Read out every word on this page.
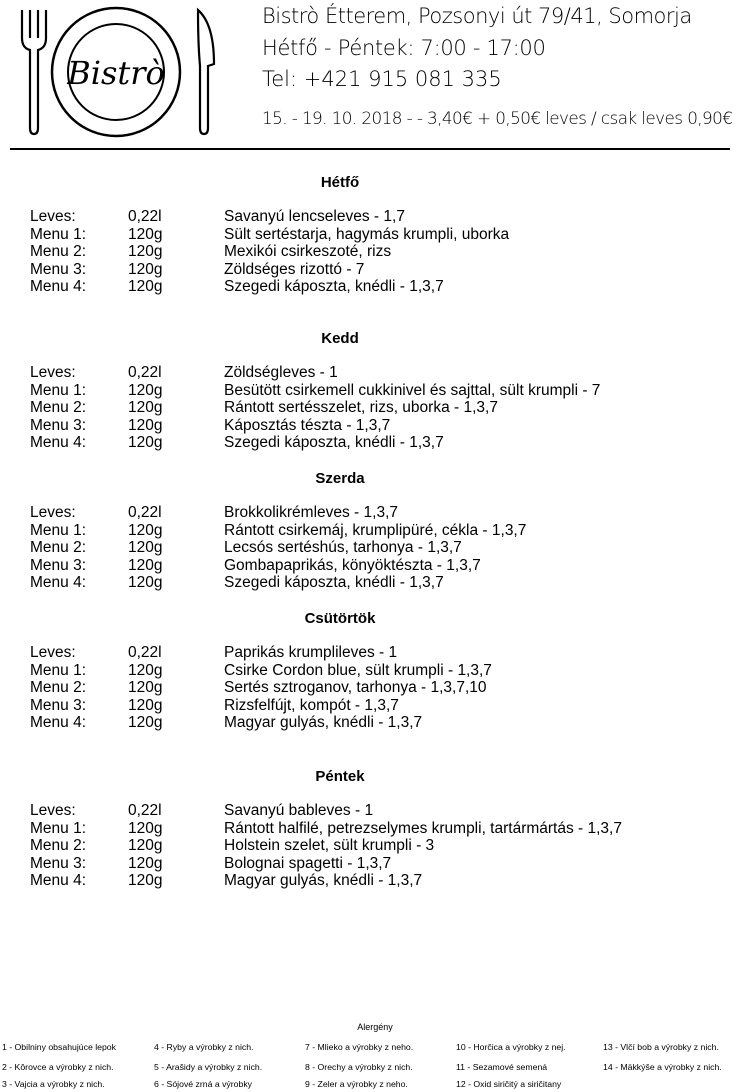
Bistrò
Bistrò Étterem, Pozsonyi út 79/41, Somorja
Hétfő - Péntek: 7:00 - 17:00
Tel: +421 915 081 335
15. - 19. 10. 2018 - - 3,40€ + 0,50€ leves / csak leves 0,90€
Hétfő
Leves:	0,22l	Savanyú lencseleves - 1,7
Menu 1:	120g	Sült sertéstarja, hagymás krumpli, uborka
Menu 2:	120g	Mexikói csirkeszoté, rizs
Menu 3:	120g	Zöldséges rizottó - 7
Menu 4:	120g	Szegedi káposzta, knédli - 1,3,7
Kedd
Leves:	0,22l	Zöldségleves - 1
Menu 1:	120g	Besütött csirkemell cukkinivel és sajttal, sült krumpli - 7
Menu 2:	120g	Rántott sertésszelet, rizs, uborka - 1,3,7
Menu 3:	120g	Káposztás tészta - 1,3,7
Menu 4:	120g	Szegedi káposzta, knédli - 1,3,7
Szerda
Leves:	0,22l	Brokkolikrémleves - 1,3,7
Menu 1:	120g	Rántott csirkemáj, krumplipüré, cékla - 1,3,7
Menu 2:	120g	Lecsós sertéshús, tarhonya - 1,3,7
Menu 3:	120g	Gombapaprikás, könyöktészta - 1,3,7
Menu 4:	120g	Szegedi káposzta, knédli - 1,3,7
Csütörtök
Leves:	0,22l	Paprikás krumplileves - 1
Menu 1:	120g	Csirke Cordon blue, sült krumpli - 1,3,7
Menu 2:	120g	Sertés sztroganov, tarhonya - 1,3,7,10
Menu 3:	120g	Rizsfelfújt, kompót - 1,3,7
Menu 4:	120g	Magyar gulyás, knédli - 1,3,7
Péntek
Leves:	0,22l	Savanyú bableves - 1
Menu 1:	120g	Rántott halfilé, petrezselymes krumpli, tartármártás - 1,3,7
Menu 2:	120g	Holstein szelet, sült krumpli - 3
Menu 3:	120g	Bolognai spagetti - 1,3,7
Menu 4:	120g	Magyar gulyás, knédli - 1,3,7
Alergény
1 - Obilniny obsahujúce lepok
2 - Kôrovce a výrobky z nich.
3 - Vajcia a výrobky z nich.
4 - Ryby a výrobky z nich.
5 - Arašidy a výrobky z nich.
6 - Sójové zrná a výrobky
7 - Mlieko a výrobky z neho.
8 - Orechy a výrobky z nich.
9 - Zeler a výrobky z neho.
10 - Horčica a výrobky z nej.
11 - Sezamové semená
12 - Oxid siričitý a siričitany
13 - Vlčí bob a výrobky z nich.
14 - Mäkkýše a výrobky z nich.
